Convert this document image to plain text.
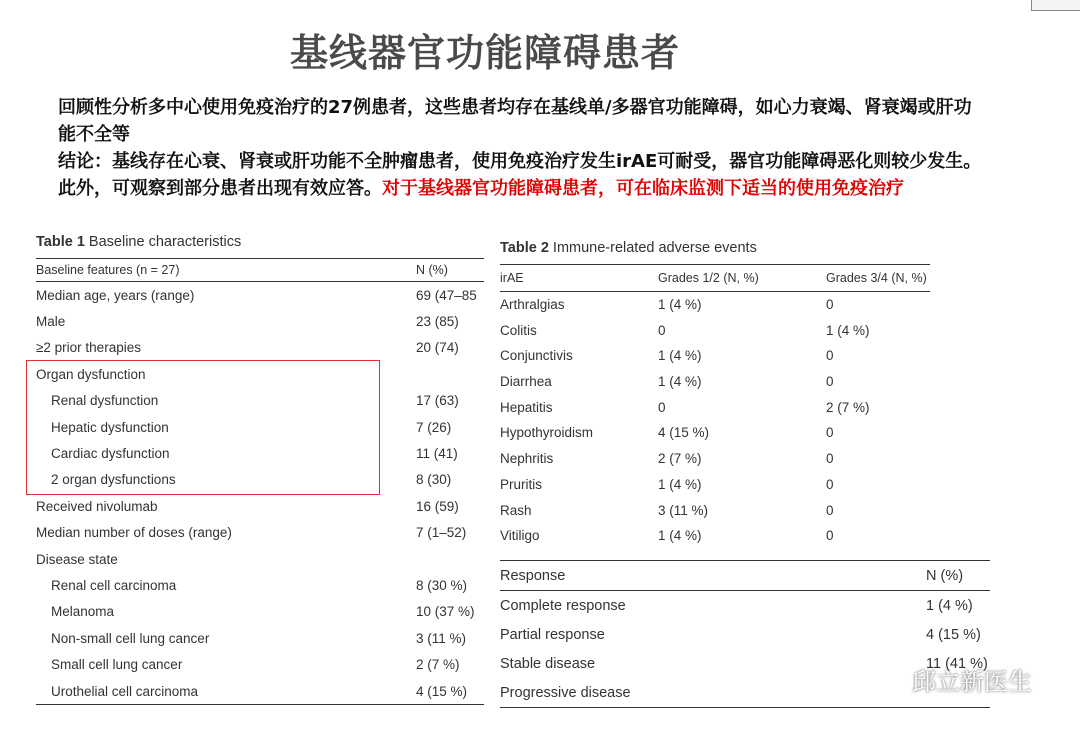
基线器官功能障碍患者
回顾性分析多中心使用免疫治疗的27例患者，这些患者均存在基线单/多器官功能障碍，如心力衰竭、肾衰竭或肝功能不全等
结论：基线存在心衰、肾衰或肝功能不全肿瘤患者，使用免疫治疗发生irAE可耐受，器官功能障碍恶化则较少发生。此外，可观察到部分患者出现有效应答。对于基线器官功能障碍患者，可在临床监测下适当的使用免疫治疗
Table 1 Baseline characteristics
Baseline features (n = 27)	N (%)
Median age, years (range)	69 (47–85
Male	23 (85)
≥2 prior therapies	20 (74)
Organ dysfunction
Renal dysfunction	17 (63)
Hepatic dysfunction	7 (26)
Cardiac dysfunction	11 (41)
2 organ dysfunctions	8 (30)
Received nivolumab	16 (59)
Median number of doses (range)	7 (1–52)
Disease state
Renal cell carcinoma	8 (30 %)
Melanoma	10 (37 %)
Non-small cell lung cancer	3 (11 %)
Small cell lung cancer	2 (7 %)
Urothelial cell carcinoma	4 (15 %)
Table 2 Immune-related adverse events
irAE	Grades 1/2 (N, %)	Grades 3/4 (N, %)
Arthralgias	1 (4 %)	0
Colitis	0	1 (4 %)
Conjunctivis	1 (4 %)	0
Diarrhea	1 (4 %)	0
Hepatitis	0	2 (7 %)
Hypothyroidism	4 (15 %)	0
Nephritis	2 (7 %)	0
Pruritis	1 (4 %)	0
Rash	3 (11 %)	0
Vitiligo	1 (4 %)	0
Response	N (%)
Complete response	1 (4 %)
Partial response	4 (15 %)
Stable disease	11 (41 %)
Progressive disease	邱立新医生
